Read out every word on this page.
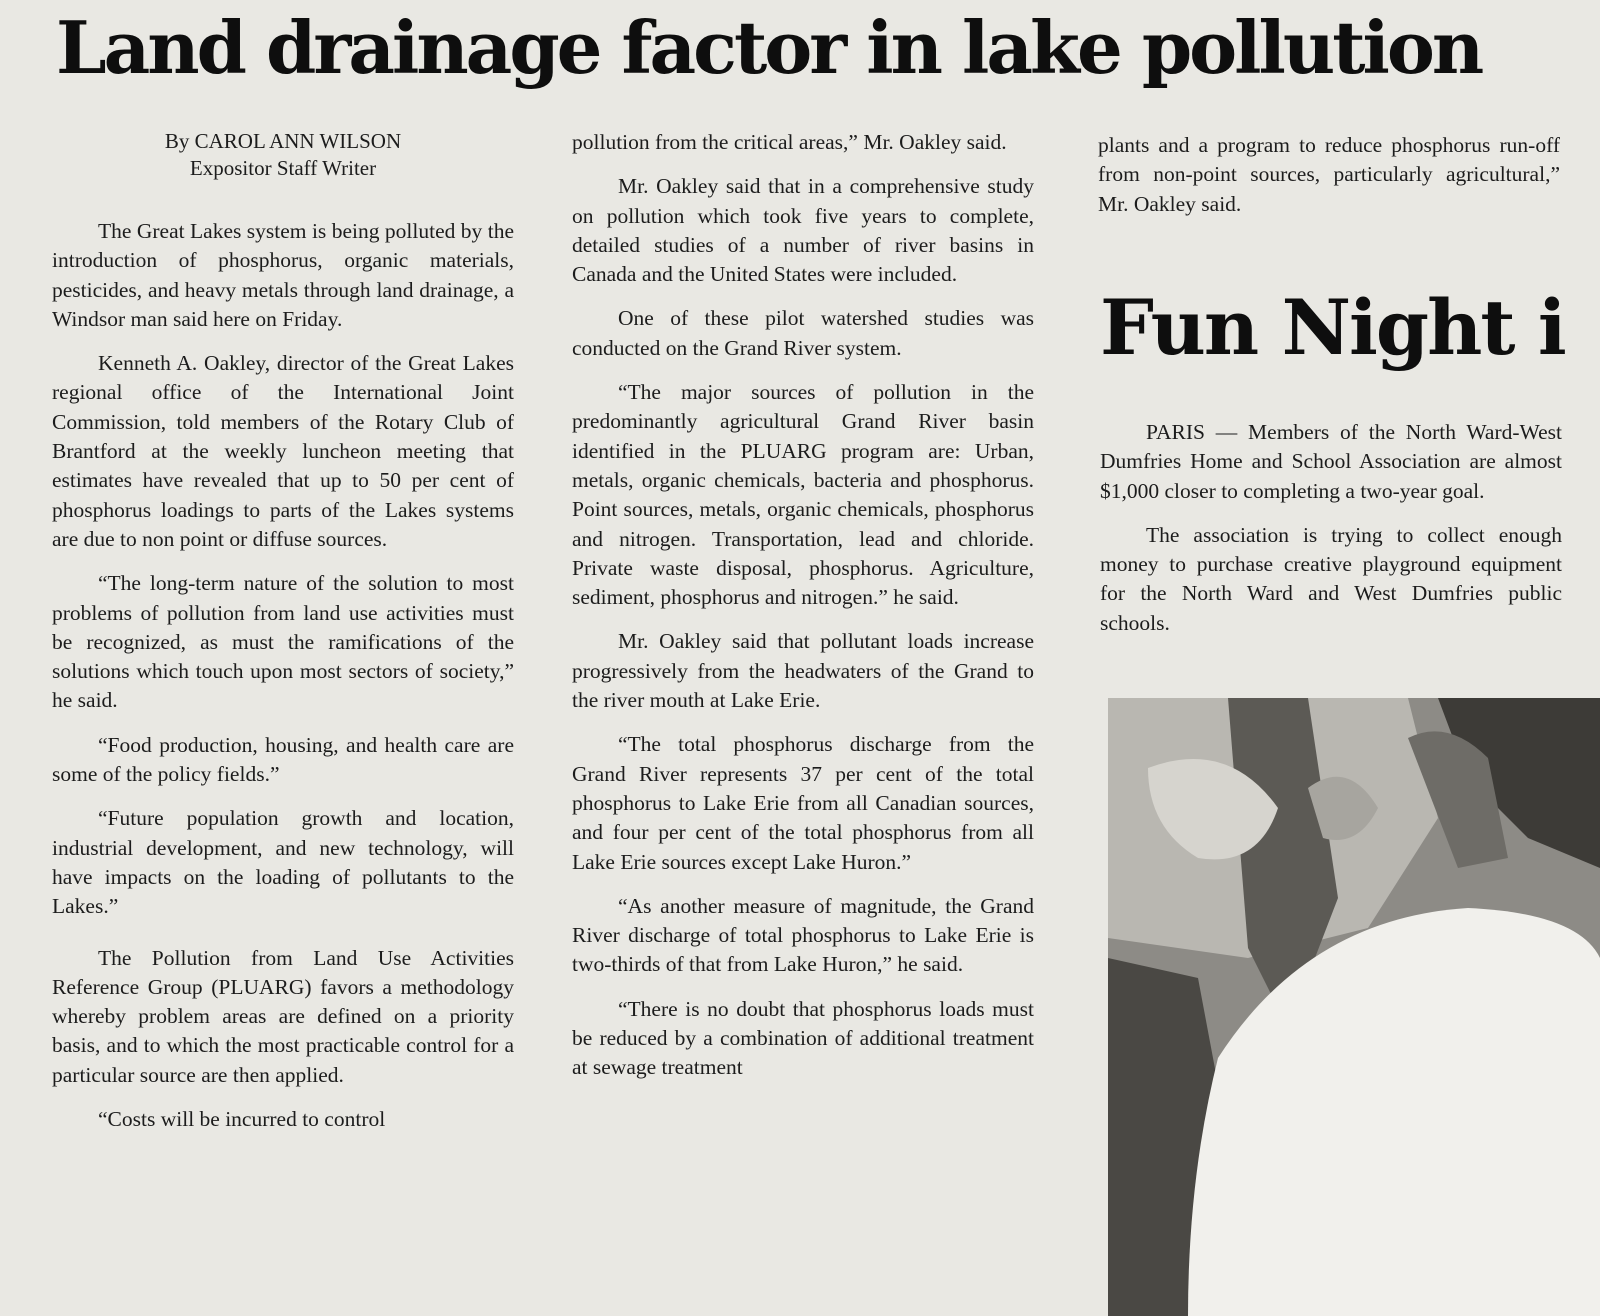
Land drainage factor in lake pollution
By CAROL ANN WILSON
Expositor Staff Writer

The Great Lakes system is being polluted by the introduction of phosphorus, organic materials, pesticides, and heavy metals through land drainage, a Windsor man said here on Friday.

Kenneth A. Oakley, director of the Great Lakes regional office of the International Joint Commission, told members of the Rotary Club of Brantford at the weekly luncheon meeting that estimates have revealed that up to 50 per cent of phosphorus loadings to parts of the Lakes systems are due to non point or diffuse sources.

“The long-term nature of the solution to most problems of pollution from land use activities must be recognized, as must the ramifications of the solutions which touch upon most sectors of society,” he said.

“Food production, housing, and health care are some of the policy fields.”

“Future population growth and location, industrial development, and new technology, will have impacts on the loading of pollutants to the Lakes.”

The Pollution from Land Use Activities Reference Group (PLUARG) favors a methodology whereby problem areas are defined on a priority basis, and to which the most practicable control for a particular source are then applied.

“Costs will be incurred to control

pollution from the critical areas,” Mr. Oakley said.

Mr. Oakley said that in a comprehensive study on pollution which took five years to complete, detailed studies of a number of river basins in Canada and the United States were included.

One of these pilot watershed studies was conducted on the Grand River system.

“The major sources of pollution in the predominantly agricultural Grand River basin identified in the PLUARG program are: Urban, metals, organic chemicals, bacteria and phosphorus. Point sources, metals, organic chemicals, phosphorus and nitrogen. Transportation, lead and chloride. Private waste disposal, phosphorus. Agriculture, sediment, phosphorus and nitrogen.” he said.

Mr. Oakley said that pollutant loads increase progressively from the headwaters of the Grand to the river mouth at Lake Erie.

“The total phosphorus discharge from the Grand River represents 37 per cent of the total phosphorus to Lake Erie from all Canadian sources, and four per cent of the total phosphorus from all Lake Erie sources except Lake Huron.”

“As another measure of magnitude, the Grand River discharge of total phosphorus to Lake Erie is two-thirds of that from Lake Huron,” he said.

“There is no doubt that phosphorus loads must be reduced by a combination of additional treatment at sewage treatment

plants and a program to reduce phosphorus run-off from non-point sources, particularly agricultural,” Mr. Oakley said.

Fun Night i

PARIS — Members of the North Ward-West Dumfries Home and School Association are almost $1,000 closer to completing a two-year goal.

The association is trying to collect enough money to purchase creative playground equipment for the North Ward and West Dumfries public schools.
